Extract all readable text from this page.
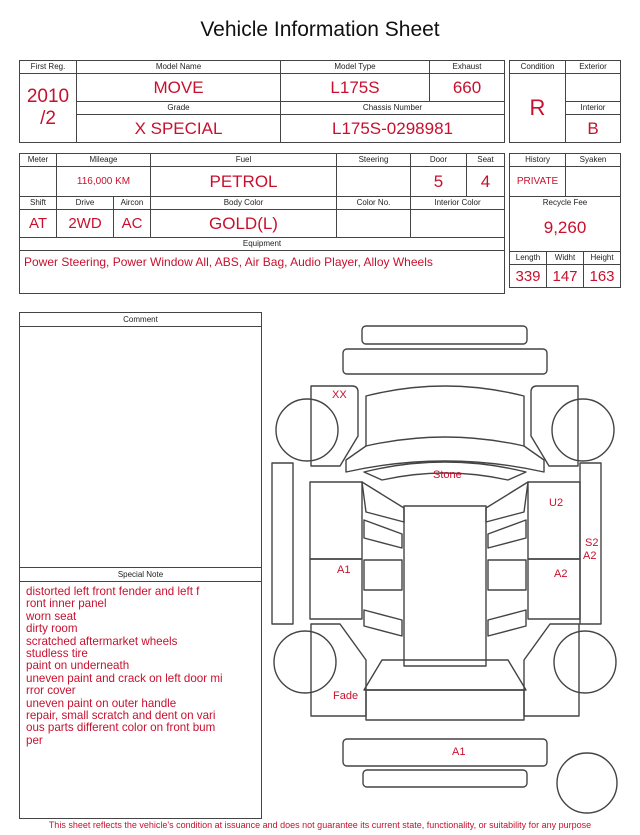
Vehicle Information Sheet
First Reg.	Model Name	Model Type	Exhaust

2010
/2	MOVE	L175S	660
	Grade	Chassis Number	
	X SPECIAL	L175S-0298981	
Condition	Exterior
R	
	Interior
	B
Meter	Mileage		Fuel	Steering	Door	Seat
	116,000 KM		PETROL		5	4
Shift	Drive	Aircon	Body Color	Color No.	Interior Color	
AT	2WD	AC	GOLD(L)			
Equipment						
Power Steering, Power Window All, ABS, Air Bag, Audio Player, Alloy Wheels						
History		Syaken	
PRIVATE			
Recycle Fee			
9,260			
Length	Widht		Height
339	147		163
Comment
Special Note
distorted left front fender and left f
ront inner panel
worn seat
dirty room
scratched aftermarket wheels
studless tire
paint on underneath
uneven paint and crack on left door mi
rror cover
uneven paint on outer handle
repair, small scratch and dent on vari
ous parts different color on front bum
per
XX
Stone
U2
S2
A2
A1	A2
Fade
A1
This sheet reflects the vehicle's condition at issuance and does not guarantee its current state, functionality, or suitability for any purpose
